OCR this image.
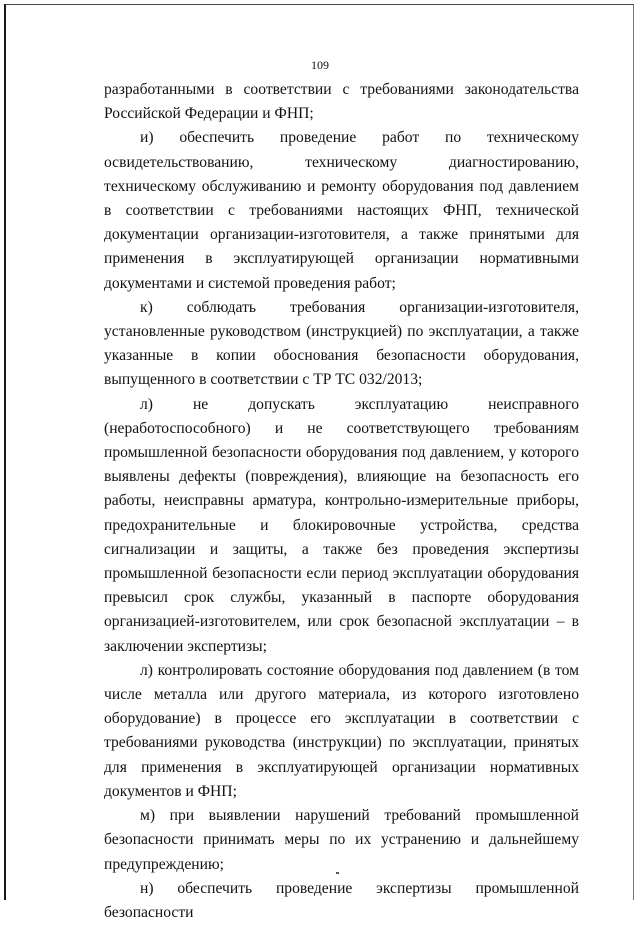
109

разработанными в соответствии с требованиями законодательства Российской Федерации и ФНП;

и) обеспечить проведение работ по техническому освидетельствованию, техническому диагностированию, техническому обслуживанию и ремонту оборудования под давлением в соответствии с требованиями настоящих ФНП, технической документации организации-изготовителя, а также принятыми для применения в эксплуатирующей организации нормативными документами и системой проведения работ;

к) соблюдать требования организации-изготовителя, установленные руководством (инструкцией) по эксплуатации, а также указанные в копии обоснования безопасности оборудования, выпущенного в соответствии с ТР ТС 032/2013;

л) не допускать эксплуатацию неисправного (неработоспособного) и не соответствующего требованиям промышленной безопасности оборудования под давлением, у которого выявлены дефекты (повреждения), влияющие на безопасность его работы, неисправны арматура, контрольно-измерительные приборы, предохранительные и блокировочные устройства, средства сигнализации и защиты, а также без проведения экспертизы промышленной безопасности если период эксплуатации оборудования превысил срок службы, указанный в паспорте оборудования организацией-изготовителем, или срок безопасной эксплуатации – в заключении экспертизы;

л) контролировать состояние оборудования под давлением (в том числе металла или другого материала, из которого изготовлено оборудование) в процессе его эксплуатации в соответствии с требованиями руководства (инструкции) по эксплуатации, принятых для применения в эксплуатирующей организации нормативных документов и ФНП;

м) при выявлении нарушений требований промышленной безопасности принимать меры по их устранению и дальнейшему предупреждению;

н) обеспечить проведение экспертизы промышленной безопасности
